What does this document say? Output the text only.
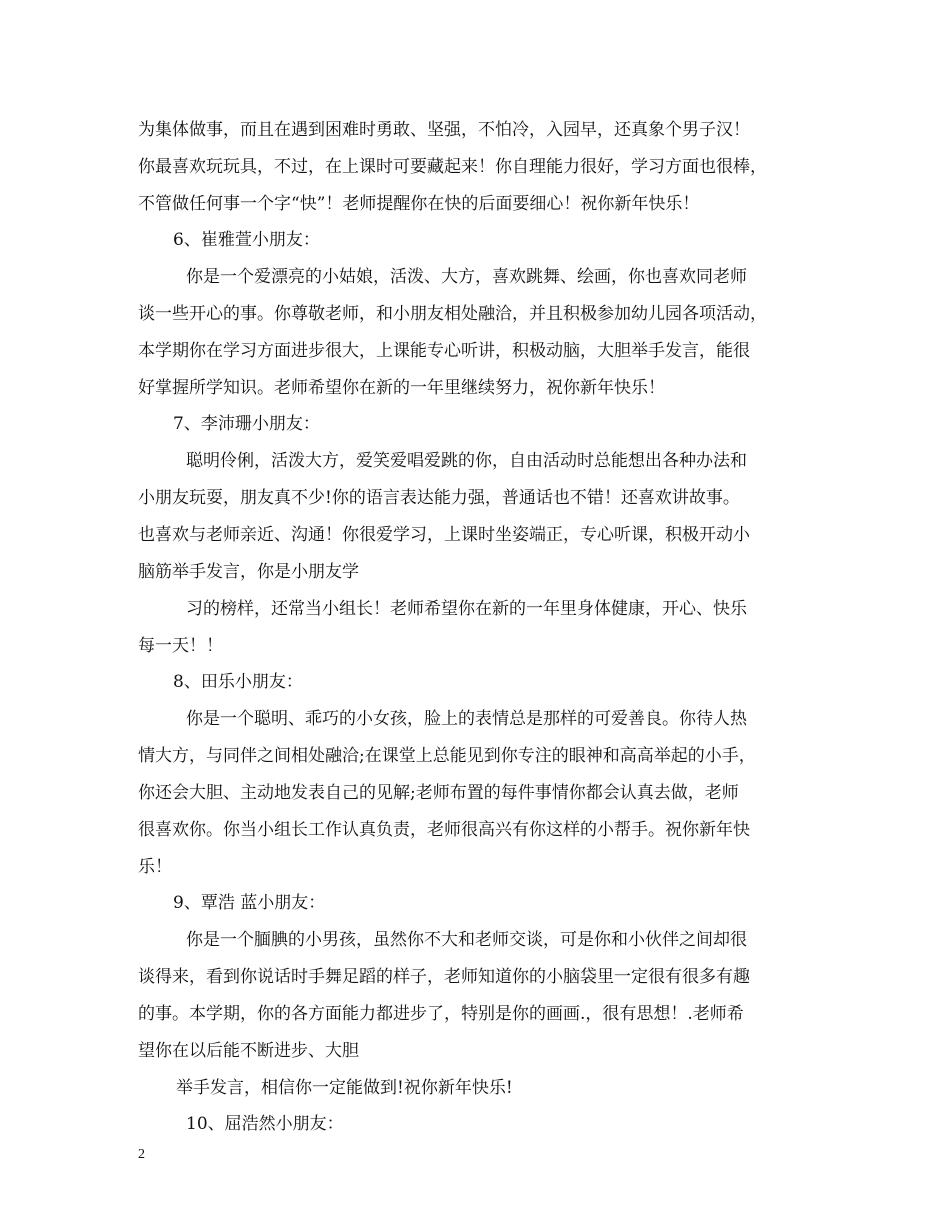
为集体做事，而且在遇到困难时勇敢、坚强，不怕冷，入园早，还真象个男子汉！
你最喜欢玩玩具，不过，在上课时可要藏起来！你自理能力很好，学习方面也很棒，
不管做任何事一个字“快”！老师提醒你在快的后面要细心！祝你新年快乐！
6、崔雅萱小朋友：
你是一个爱漂亮的小姑娘，活泼、大方，喜欢跳舞、绘画，你也喜欢同老师
谈一些开心的事。你尊敬老师，和小朋友相处融洽，并且积极参加幼儿园各项活动，
本学期你在学习方面进步很大，上课能专心听讲，积极动脑，大胆举手发言，能很
好掌握所学知识。老师希望你在新的一年里继续努力，祝你新年快乐！
7、李沛珊小朋友：
聪明伶俐，活泼大方，爱笑爱唱爱跳的你，自由活动时总能想出各种办法和
小朋友玩耍，朋友真不少!你的语言表达能力强，普通话也不错！还喜欢讲故事。
也喜欢与老师亲近、沟通！你很爱学习，上课时坐姿端正，专心听课，积极开动小
脑筋举手发言，你是小朋友学
习的榜样，还常当小组长！老师希望你在新的一年里身体健康，开心、快乐
每一天！！
8、田乐小朋友：
你是一个聪明、乖巧的小女孩，脸上的表情总是那样的可爱善良。你待人热
情大方，与同伴之间相处融洽;在课堂上总能见到你专注的眼神和高高举起的小手，
你还会大胆、主动地发表自己的见解;老师布置的每件事情你都会认真去做，老师
很喜欢你。你当小组长工作认真负责，老师很高兴有你这样的小帮手。祝你新年快
乐！
9、覃浩 蓝小朋友：
你是一个腼腆的小男孩，虽然你不大和老师交谈，可是你和小伙伴之间却很
谈得来，看到你说话时手舞足蹈的样子，老师知道你的小脑袋里一定很有很多有趣
的事。本学期，你的各方面能力都进步了，特别是你的画画.，很有思想！.老师希
望你在以后能不断进步、大胆
举手发言，相信你一定能做到!祝你新年快乐!
10、屈浩然小朋友：
2
